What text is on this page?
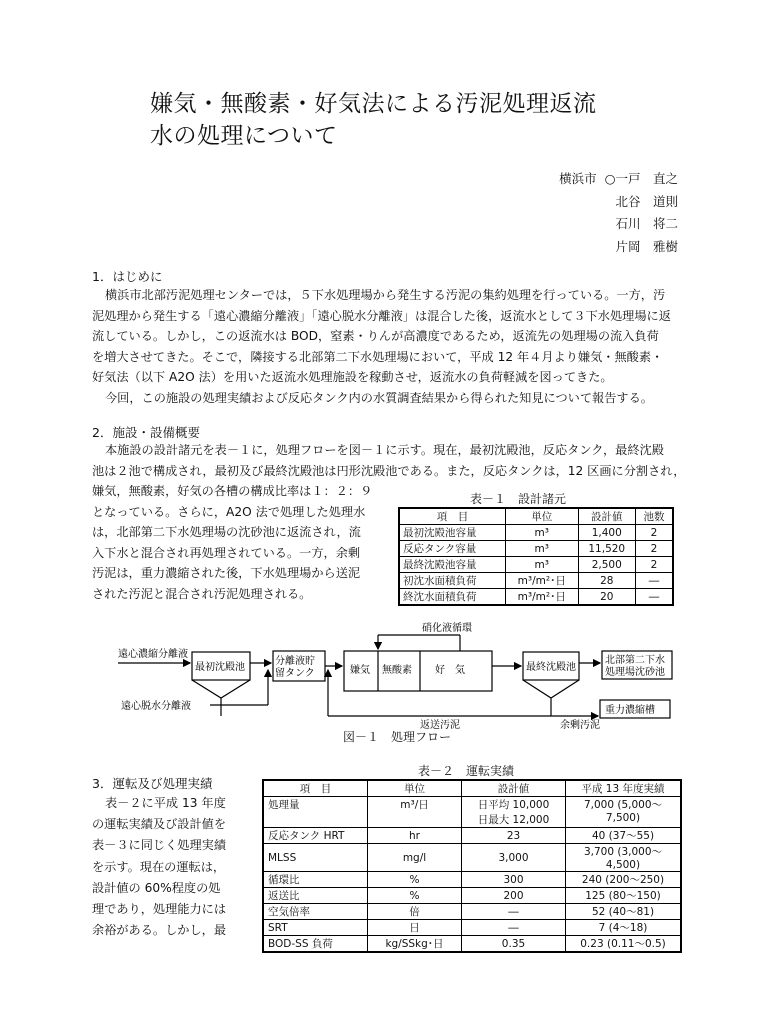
嫌気・無酸素・好気法による汚泥処理返流
水の処理について
横浜市 ○一戸　直之
北谷　道則
石川　将二
片岡　雅樹
1．はじめに
横浜市北部汚泥処理センターでは，５下水処理場から発生する汚泥の集約処理を行っている。一方，汚
泥処理から発生する「遠心濃縮分離液」「遠心脱水分離液」は混合した後，返流水として３下水処理場に返
流している。しかし，この返流水は BOD，窒素・りんが高濃度であるため，返流先の処理場の流入負荷
を増大させてきた。そこで，隣接する北部第二下水処理場において，平成 12 年４月より嫌気・無酸素・
好気法（以下 A2O 法）を用いた返流水処理施設を稼動させ，返流水の負荷軽減を図ってきた。
今回，この施設の処理実績および反応タンク内の水質調査結果から得られた知見について報告する。
2．施設・設備概要
本施設の設計諸元を表－１に，処理フローを図－１に示す。現在，最初沈殿池，反応タンク，最終沈殿
池は２池で構成され，最初及び最終沈殿池は円形沈殿池である。また，反応タンクは，12 区画に分割され，
嫌気，無酸素，好気の各槽の構成比率は１：２：９
となっている。さらに，A2O 法で処理した処理水
は，北部第二下水処理場の沈砂池に返流され，流
入下水と混合され再処理されている。一方，余剰
汚泥は，重力濃縮された後，下水処理場から送泥
された汚泥と混合され汚泥処理される。
表－１　設計諸元
項　目	単位	設計値	池数
最初沈殿池容量	m³	1,400	2
反応タンク容量	m³	11,520	2
最終沈殿池容量	m³	2,500	2
初沈水面積負荷	m³/m²･日	28	―
終沈水面積負荷	m³/m²･日	20	―
遠心濃縮分離液
遠心脱水分離液
最初沈殿池
分離液貯
留タンク	嫌気 無酸素 好　気	最終沈殿池
北部第二下水
処理場沈砂池
硝化液循環
返送汚泥	余剰汚泥
重力濃縮槽
図－１　処理フロー
3．運転及び処理実績
表－２に平成 13 年度
の運転実績及び設計値を
表－３に同じく処理実績
を示す。現在の運転は，
設計値の 60%程度の処
理であり，処理能力には
余裕がある。しかし，最
表－２　運転実績
項　目	単位	設計値	平成 13 年度実績
処理量	m³/日	日平均 10,000	7,000 (5,000～7,500)
		日最大 12,000	
反応タンク HRT	hr	23	40 (37～55)
MLSS	mg/l	3,000	3,700 (3,000～4,500)
循環比	%	300	240 (200～250)
返送比	%	200	125 (80～150)
空気倍率	倍	―	52 (40～81)
SRT	日	―	7 (4～18)
BOD-SS 負荷	kg/SSkg･日	0.35	0.23 (0.11～0.5)
